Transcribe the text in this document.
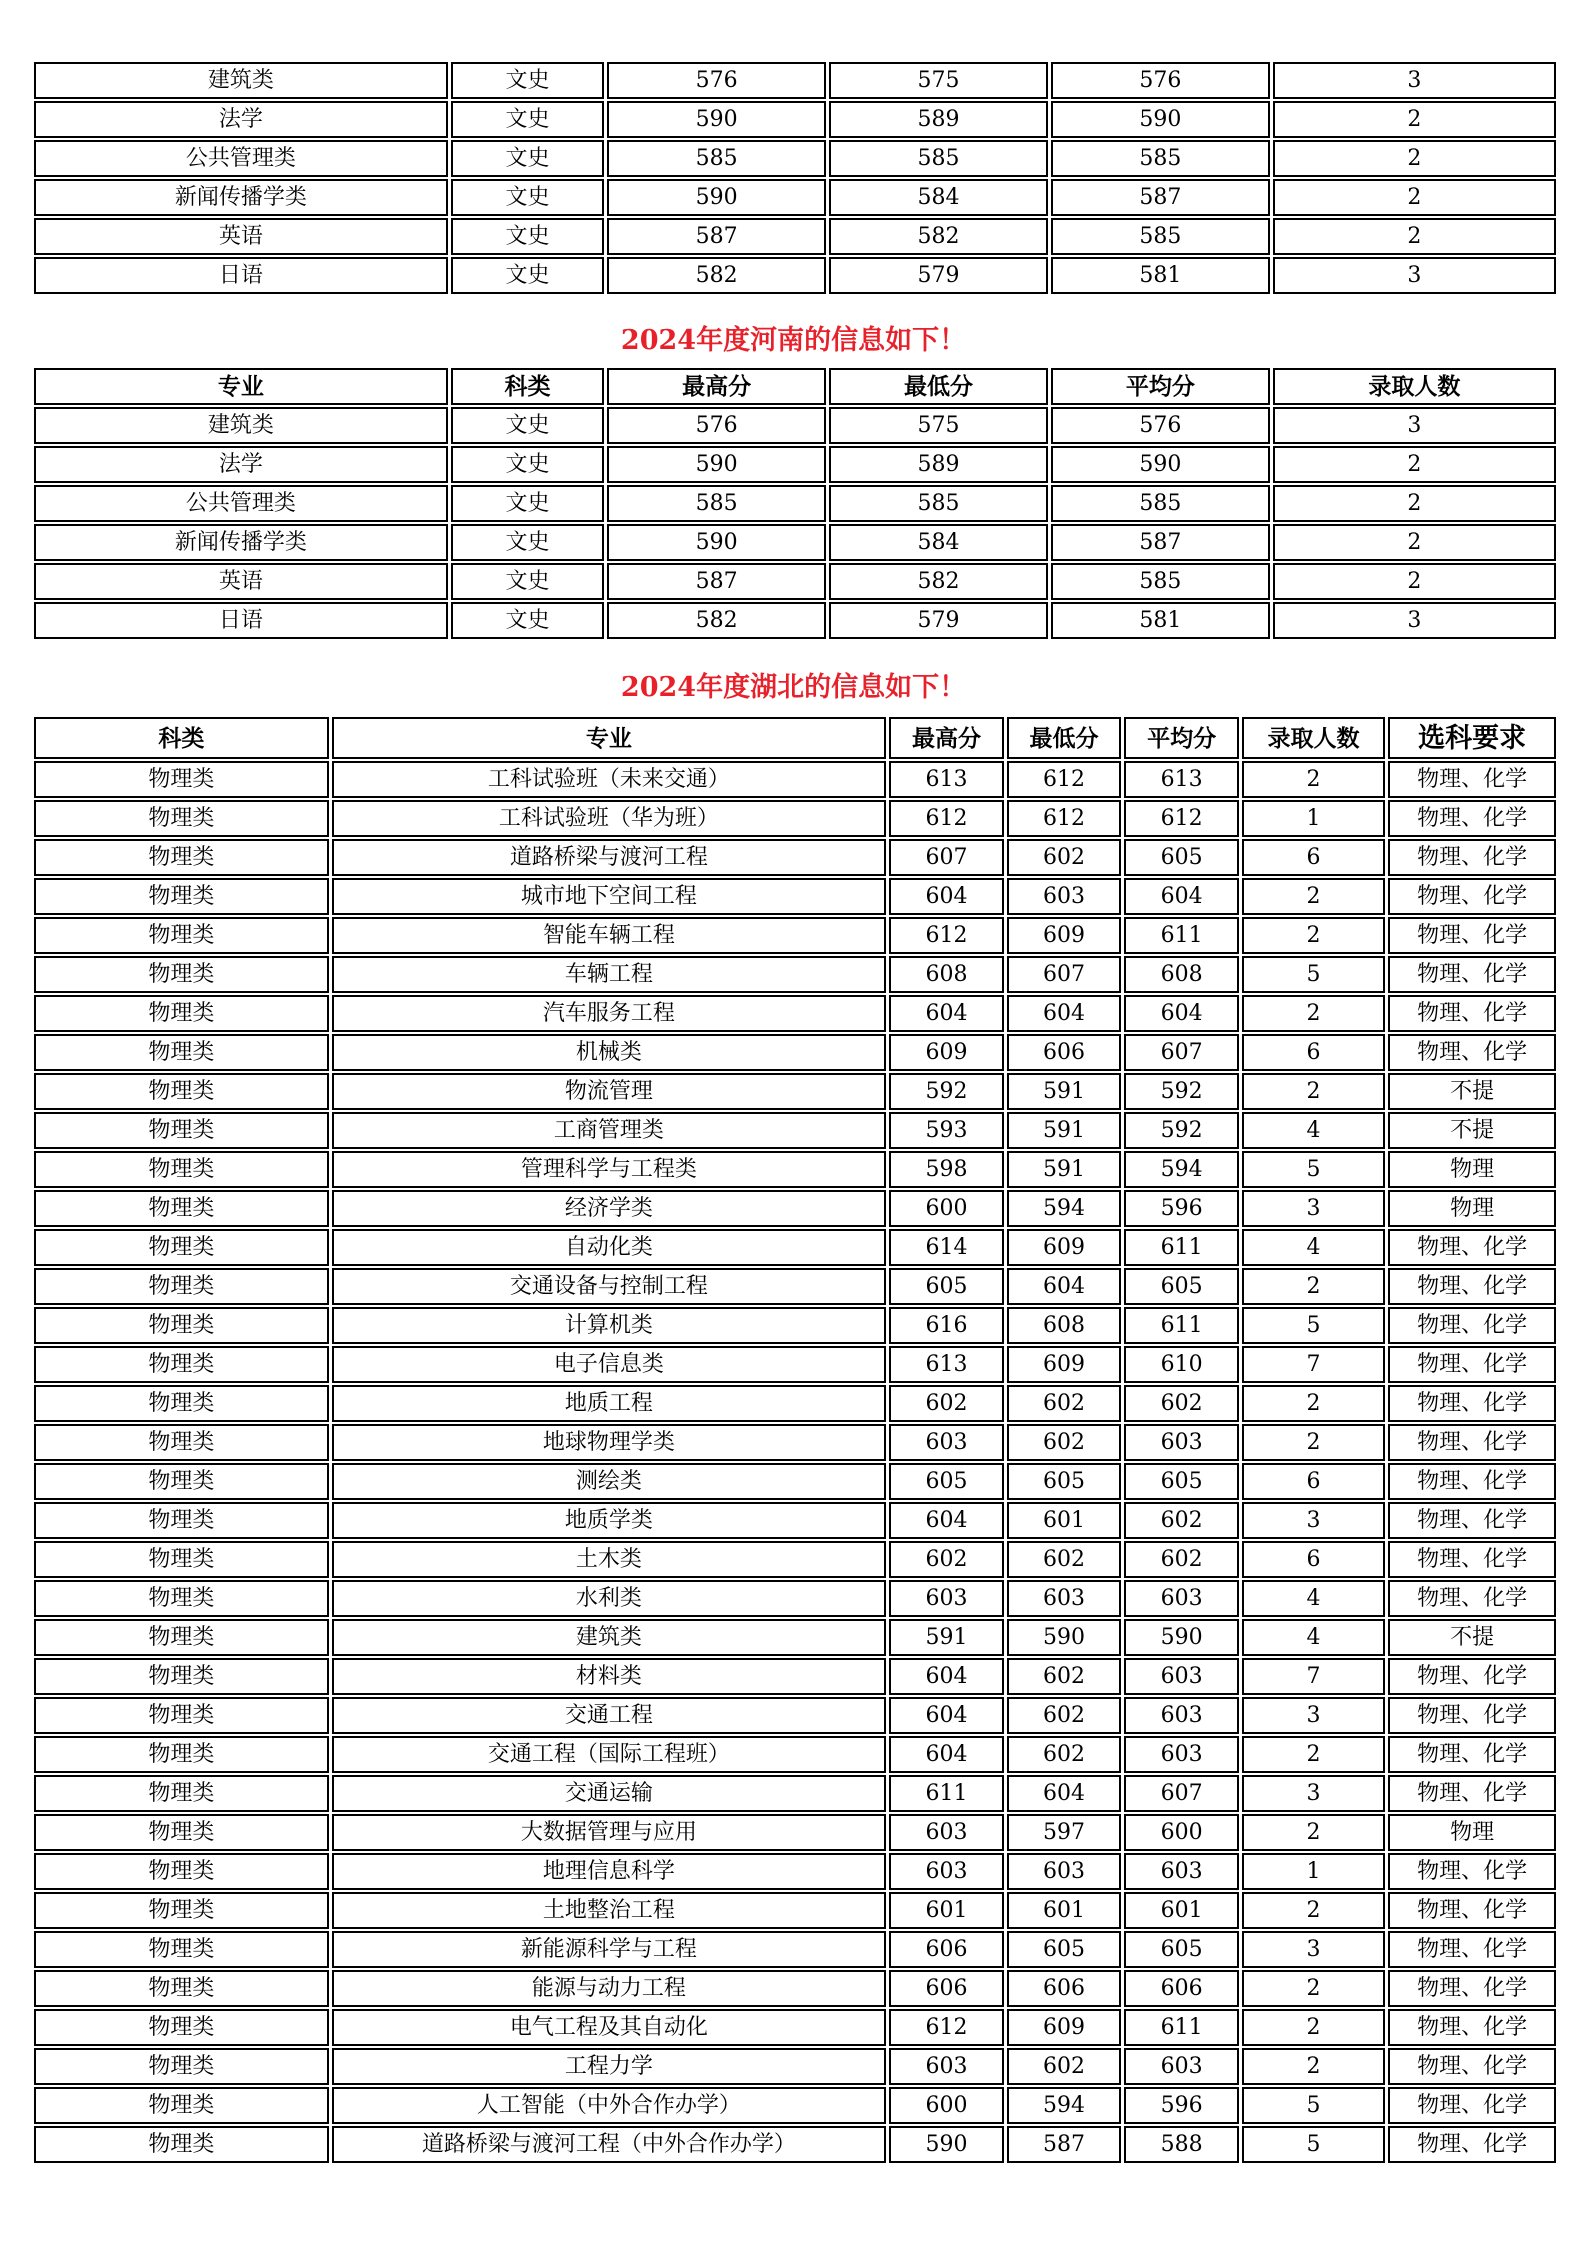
建筑类	文史	576	575	576	3
法学	文史	590	589	590	2
公共管理类	文史	585	585	585	2
新闻传播学类	文史	590	584	587	2
英语	文史	587	582	585	2
日语	文史	582	579	581	3
2024年度河南的信息如下！
专业	科类	最高分	最低分	平均分	录取人数
建筑类	文史	576	575	576	3
法学	文史	590	589	590	2
公共管理类	文史	585	585	585	2
新闻传播学类	文史	590	584	587	2
英语	文史	587	582	585	2
日语	文史	582	579	581	3
2024年度湖北的信息如下！
科类	专业	最高分	最低分	平均分	录取人数	选科要求
物理类	工科试验班（未来交通）	613	612	613	2	物理、化学
物理类	工科试验班（华为班）	612	612	612	1	物理、化学
物理类	道路桥梁与渡河工程	607	602	605	6	物理、化学
物理类	城市地下空间工程	604	603	604	2	物理、化学
物理类	智能车辆工程	612	609	611	2	物理、化学
物理类	车辆工程	608	607	608	5	物理、化学
物理类	汽车服务工程	604	604	604	2	物理、化学
物理类	机械类	609	606	607	6	物理、化学
物理类	物流管理	592	591	592	2	不提
物理类	工商管理类	593	591	592	4	不提
物理类	管理科学与工程类	598	591	594	5	物理
物理类	经济学类	600	594	596	3	物理
物理类	自动化类	614	609	611	4	物理、化学
物理类	交通设备与控制工程	605	604	605	2	物理、化学
物理类	计算机类	616	608	611	5	物理、化学
物理类	电子信息类	613	609	610	7	物理、化学
物理类	地质工程	602	602	602	2	物理、化学
物理类	地球物理学类	603	602	603	2	物理、化学
物理类	测绘类	605	605	605	6	物理、化学
物理类	地质学类	604	601	602	3	物理、化学
物理类	土木类	602	602	602	6	物理、化学
物理类	水利类	603	603	603	4	物理、化学
物理类	建筑类	591	590	590	4	不提
物理类	材料类	604	602	603	7	物理、化学
物理类	交通工程	604	602	603	3	物理、化学
物理类	交通工程（国际工程班）	604	602	603	2	物理、化学
物理类	交通运输	611	604	607	3	物理、化学
物理类	大数据管理与应用	603	597	600	2	物理
物理类	地理信息科学	603	603	603	1	物理、化学
物理类	土地整治工程	601	601	601	2	物理、化学
物理类	新能源科学与工程	606	605	605	3	物理、化学
物理类	能源与动力工程	606	606	606	2	物理、化学
物理类	电气工程及其自动化	612	609	611	2	物理、化学
物理类	工程力学	603	602	603	2	物理、化学
物理类	人工智能（中外合作办学）	600	594	596	5	物理、化学
物理类	道路桥梁与渡河工程（中外合作办学）	590	587	588	5	物理、化学
